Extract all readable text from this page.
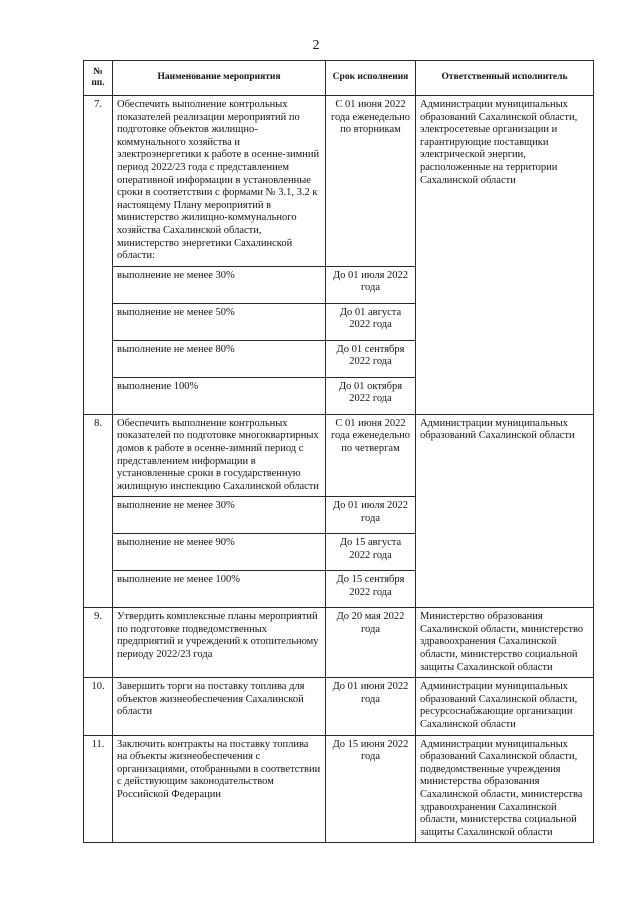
2
№ пп.	Наименование мероприятия	Срок исполнения	Ответственный исполнитель
7.	Обеспечить выполнение контрольных показателей реализации мероприятий по подготовке объектов жилищно-коммунального хозяйства и электроэнергетики к работе в осенне-зимний период 2022/23 года с представлением оперативной информации в установленные сроки в соответствии с формами № 3.1, 3.2 к настоящему Плану мероприятий в министерство жилищно-коммунального хозяйства Сахалинской области, министерство энергетики Сахалинской области:	С 01 июня 2022 года еженедельно по вторникам	Администрации муниципальных образований Сахалинской области, электросетевые организации и гарантирующие поставщики электрической энергии, расположенные на территории Сахалинской области
	выполнение не менее 30%	До 01 июля 2022 года	
	выполнение не менее 50%	До 01 августа 2022 года	
	выполнение не менее 80%	До 01 сентября 2022 года	
	выполнение 100%	До 01 октября 2022 года	
8.	Обеспечить выполнение контрольных показателей по подготовке многоквартирных домов к работе в осенне-зимний период с представлением информации в установленные сроки в государственную жилищную инспекцию Сахалинской области	С 01 июня 2022 года еженедельно по четвергам	Администрации муниципальных образований Сахалинской области
	выполнение не менее 30%	До 01 июля 2022 года	
	выполнение не менее 90%	До 15 августа 2022 года	
	выполнение не менее 100%	До 15 сентября 2022 года	
9.	Утвердить комплексные планы мероприятий по подготовке подведомственных предприятий и учреждений к отопительному периоду 2022/23 года	До 20 мая 2022 года	Министерство образования Сахалинской области, министерство здравоохранения Сахалинской области, министерство социальной защиты Сахалинской области
10.	Завершить торги на поставку топлива для объектов жизнеобеспечения Сахалинской области	До 01 июня 2022 года	Администрации муниципальных образований Сахалинской области, ресурсоснабжающие организации Сахалинской области
11.	Заключить контракты на поставку топлива на объекты жизнеобеспечения с организациями, отобранными в соответствии с действующим законодательством Российской Федерации	До 15 июня 2022 года	Администрации муниципальных образований Сахалинской области, подведомственные учреждения министерства образования Сахалинской области, министерства здравоохранения Сахалинской области, министерства социальной защиты Сахалинской области
